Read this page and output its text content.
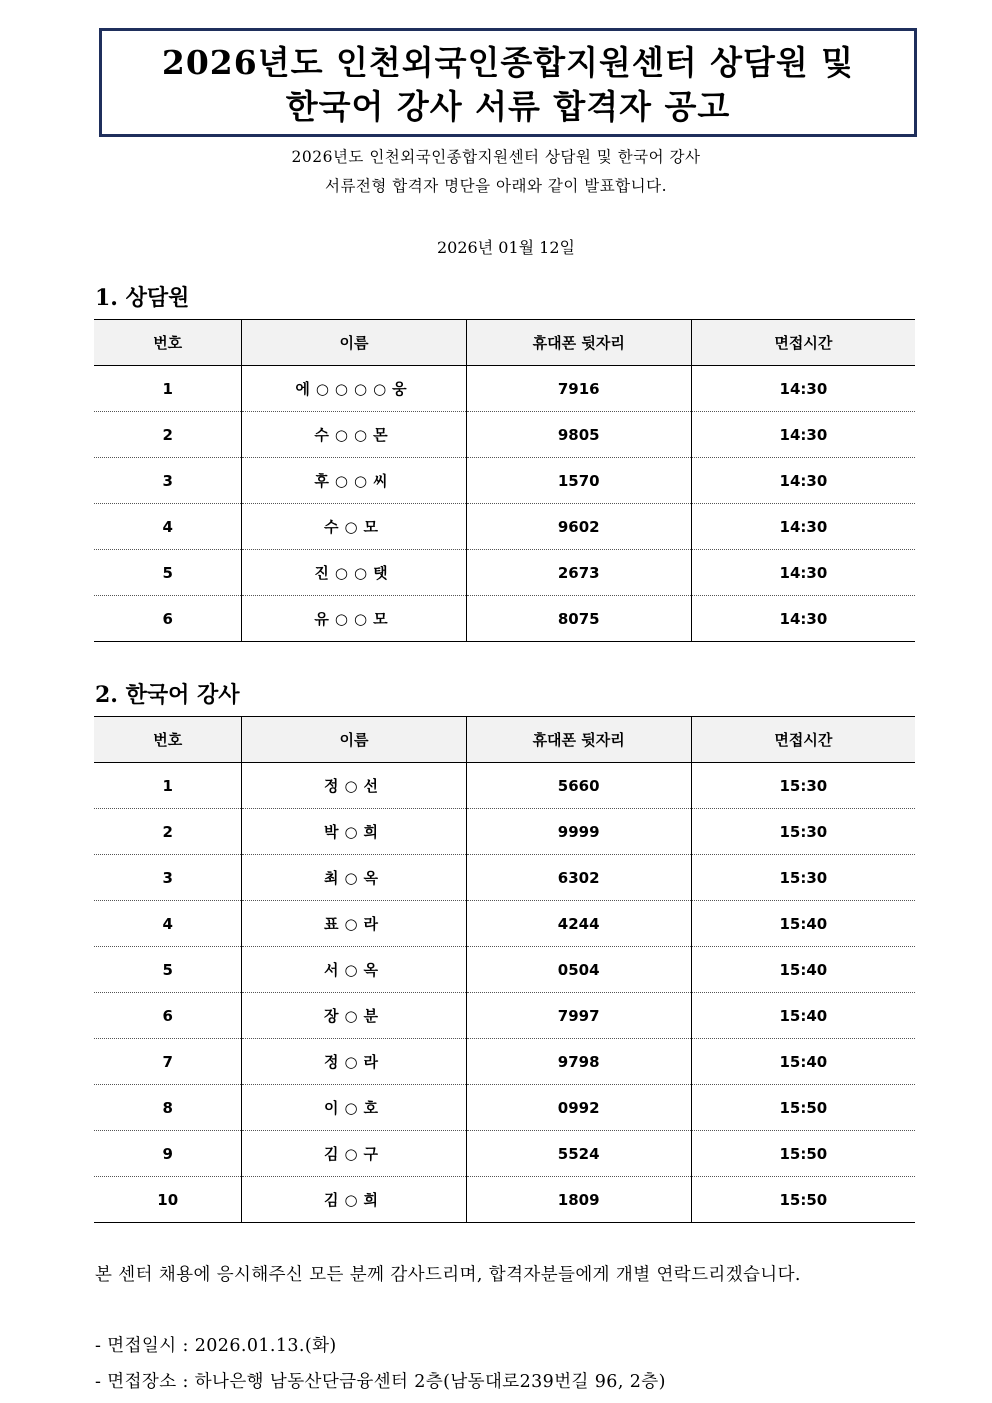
2026년도 인천외국인종합지원센터 상담원 및
한국어 강사 서류 합격자 공고
2026년도 인천외국인종합지원센터 상담원 및 한국어 강사
서류전형 합격자 명단을 아래와 같이 발표합니다.
2026년 01월 12일
1. 상담원
번호	이름	휴대폰 뒷자리	면접시간
1	에○○○○웅	7916	14:30
2	수○○몬	9805	14:30
3	후○○씨	1570	14:30
4	수○모	9602	14:30
5	진○○탯	2673	14:30
6	유○○모	8075	14:30
2. 한국어 강사
번호	이름	휴대폰 뒷자리	면접시간
1	정○선	5660	15:30
2	박○희	9999	15:30
3	최○옥	6302	15:30
4	표○라	4244	15:40
5	서○옥	0504	15:40
6	장○분	7997	15:40
7	정○라	9798	15:40
8	이○호	0992	15:50
9	김○구	5524	15:50
10	김○희	1809	15:50
본 센터 채용에 응시해주신 모든 분께 감사드리며, 합격자분들에게 개별 연락드리겠습니다.
- 면접일시 : 2026.01.13.(화)
- 면접장소 : 하나은행 남동산단금융센터 2층(남동대로239번길 96, 2층)
